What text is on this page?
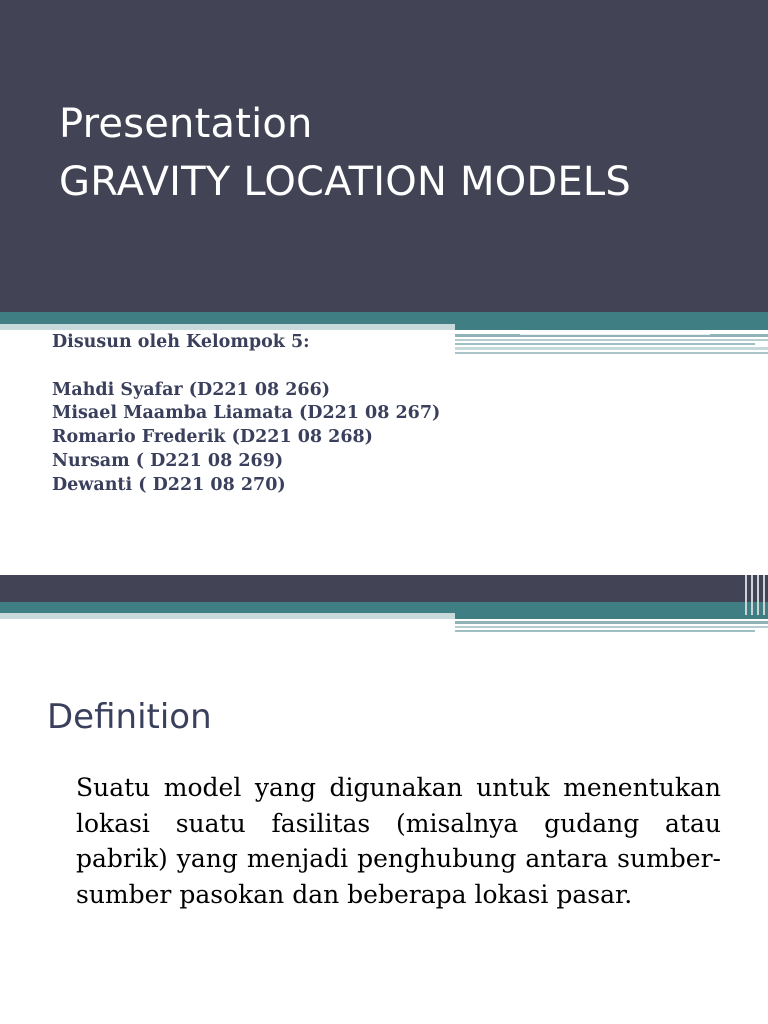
Presentation
GRAVITY LOCATION MODELS
Disusun oleh Kelompok 5:
Mahdi Syafar (D221 08 266)
Misael Maamba Liamata (D221 08 267)
Romario Frederik (D221 08 268)
Nursam ( D221 08 269)
Dewanti ( D221 08 270)
Definition
Suatu model yang digunakan untuk menentukan lokasi suatu fasilitas (misalnya gudang atau pabrik) yang menjadi penghubung antara sumber-sumber pasokan dan beberapa lokasi pasar.
